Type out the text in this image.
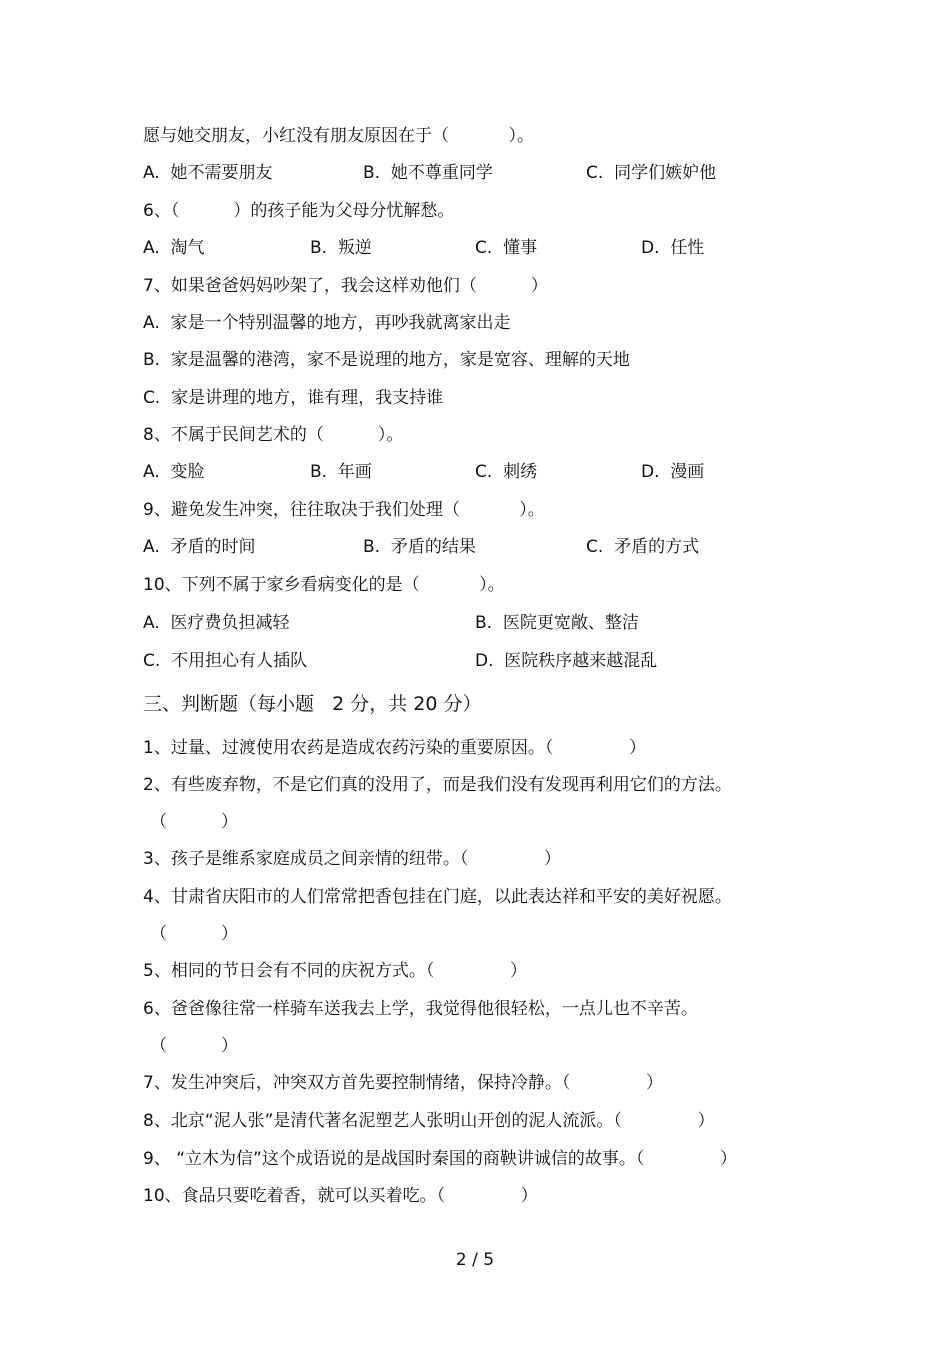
愿与她交朋友，小红没有朋友原因在于（           ）。
A.  她不需要朋友	B.  她不尊重同学	C.  同学们嫉妒他
6、（          ）的孩子能为父母分忧解愁。
A.  淘气	B.  叛逆	C.  懂事	D.  任性
7、如果爸爸妈妈吵架了，我会这样劝他们（          ）
A.  家是一个特别温馨的地方，再吵我就离家出走
B.  家是温馨的港湾，家不是说理的地方，家是宽容、理解的天地
C.  家是讲理的地方，谁有理，我支持谁
8、不属于民间艺术的（          ）。
A.  变脸	B.  年画	C.  刺绣	D.  漫画
9、避免发生冲突，往往取决于我们处理（           ）。
A.  矛盾的时间	B.  矛盾的结果	C.  矛盾的方式
10、下列不属于家乡看病变化的是（           ）。
A.  医疗费负担减轻	B.  医院更宽敞、整洁
C.  不用担心有人插队	D.  医院秩序越来越混乱
三、判断题（每小题   2 分，共 20 分）
1、过量、过渡使用农药是造成农药污染的重要原因。（              ）
2、有些废弃物，不是它们真的没用了，而是我们没有发现再利用它们的方法。
（          ）
3、孩子是维系家庭成员之间亲情的纽带。（              ）
4、甘肃省庆阳市的人们常常把香包挂在门庭，以此表达祥和平安的美好祝愿。
（          ）
5、相同的节日会有不同的庆祝方式。（              ）
6、爸爸像往常一样骑车送我去上学，我觉得他很轻松，一点儿也不辛苦。
（          ）
7、发生冲突后，冲突双方首先要控制情绪，保持冷静。（              ）
8、北京“泥人张”是清代著名泥塑艺人张明山开创的泥人流派。（              ）
9、 “立木为信”这个成语说的是战国时秦国的商鞅讲诚信的故事。（              ）
10、食品只要吃着香，就可以买着吃。（              ）
2 / 5
